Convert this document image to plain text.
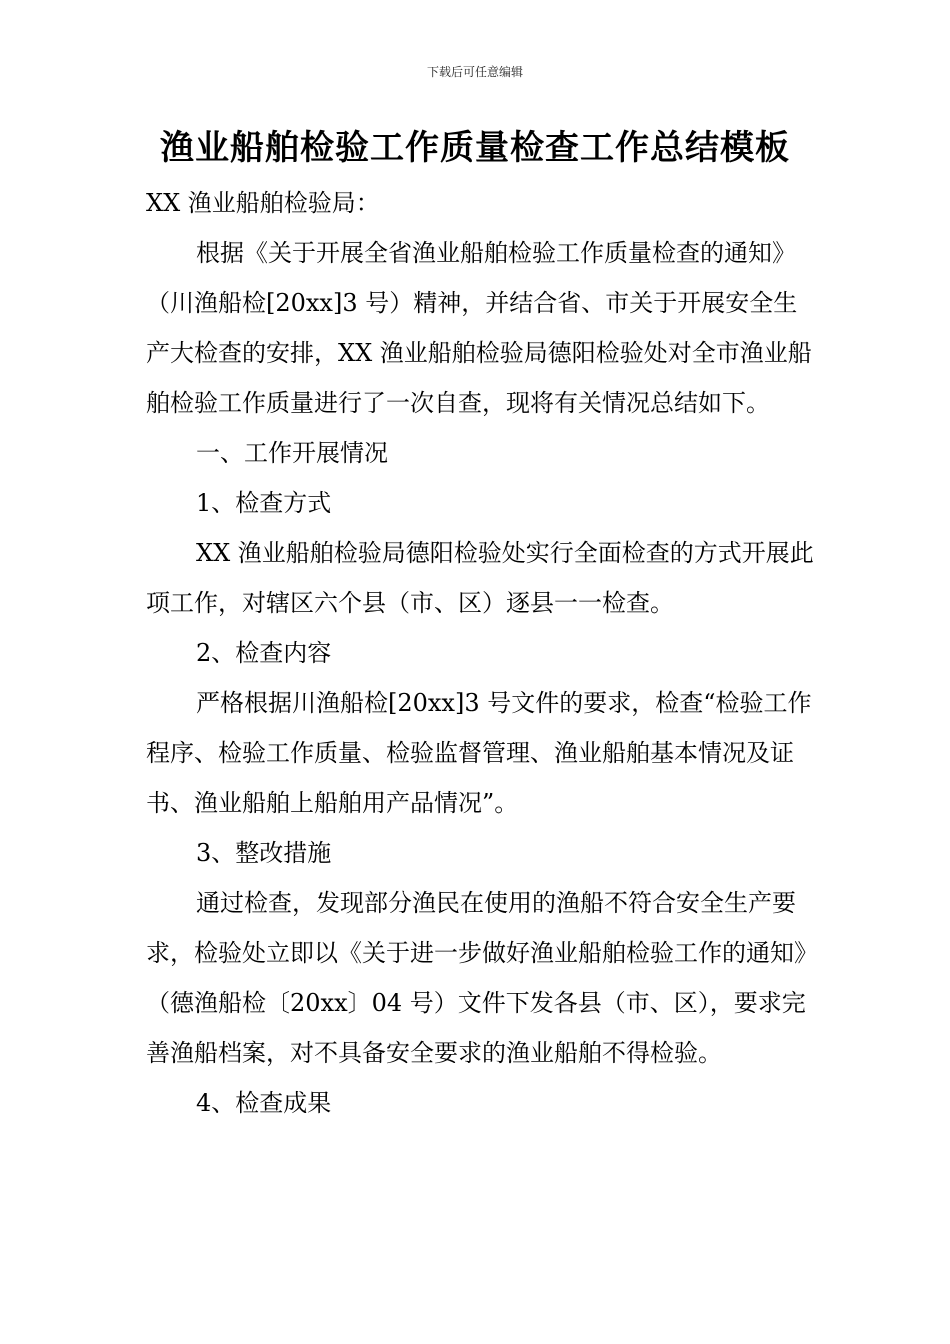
下载后可任意编辑
渔业船舶检验工作质量检查工作总结模板

XX 渔业船舶检验局：

根据《关于开展全省渔业船舶检验工作质量检查的通知》（川渔船检[20xx]3 号）精神，并结合省、市关于开展安全生产大检查的安排，XX 渔业船舶检验局德阳检验处对全市渔业船舶检验工作质量进行了一次自查，现将有关情况总结如下。

一、工作开展情况

1、检查方式

XX 渔业船舶检验局德阳检验处实行全面检查的方式开展此项工作，对辖区六个县（市、区）逐县一一检查。

2、检查内容

严格根据川渔船检[20xx]3 号文件的要求，检查“检验工作程序、检验工作质量、检验监督管理、渔业船舶基本情况及证书、渔业船舶上船舶用产品情况”。

3、整改措施

通过检查，发现部分渔民在使用的渔船不符合安全生产要求，检验处立即以《关于进一步做好渔业船舶检验工作的通知》（德渔船检〔20xx〕04 号）文件下发各县（市、区），要求完善渔船档案，对不具备安全要求的渔业船舶不得检验。

4、检查成果
